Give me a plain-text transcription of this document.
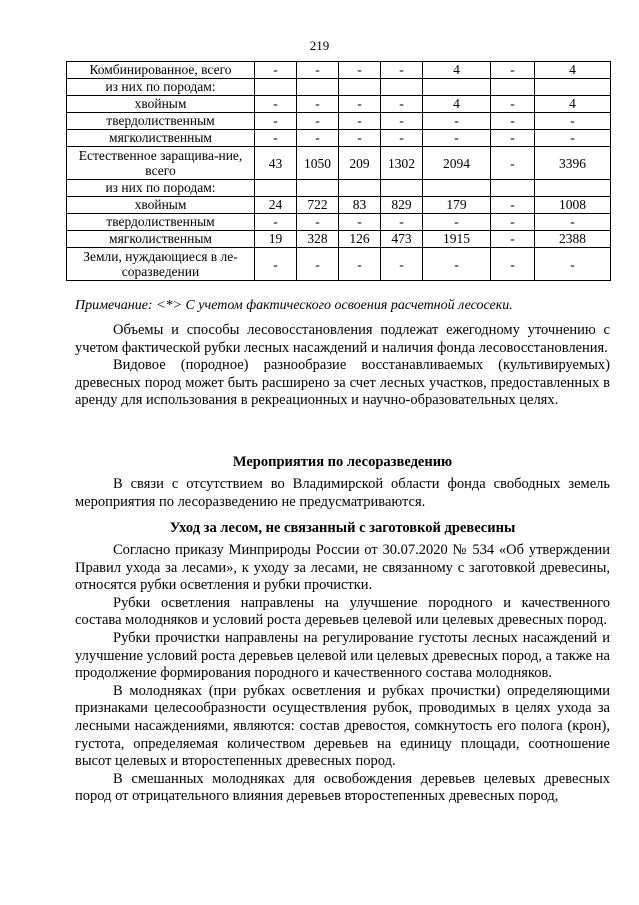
219
Комбинированное, всего	-	-	-	-	4	-	4
из них по породам:							
хвойным	-	-	-	-	4	-	4
твердолиственным	-	-	-	-	-	-	-
мягколиственным	-	-	-	-	-	-	-
Естественное заращива-ние, всего	43	1050	209	1302	2094	-	3396
из них по породам:							
хвойным	24	722	83	829	179	-	1008
твердолиственным	-	-	-	-	-	-	-
мягколиственным	19	328	126	473	1915	-	2388
Земли, нуждающиеся в ле-соразведении	-	-	-	-	-	-	-
Примечание: <*> С учетом фактического освоения расчетной лесосеки.

Объемы и способы лесовосстановления подлежат ежегодному уточнению с учетом фактической рубки лесных насаждений и наличия фонда лесовосстановления.

Видовое (породное) разнообразие восстанавливаемых (культивируемых) древесных пород может быть расширено за счет лесных участков, предоставленных в аренду для использования в рекреационных и научно-образовательных целях.

Мероприятия по лесоразведению

В связи с отсутствием во Владимирской области фонда свободных земель мероприятия по лесоразведению не предусматриваются.

Уход за лесом, не связанный с заготовкой древесины

Согласно приказу Минприроды России от 30.07.2020 № 534 «Об утверждении Правил ухода за лесами», к уходу за лесами, не связанному с заготовкой древесины, относятся рубки осветления и рубки прочистки.

Рубки осветления направлены на улучшение породного и качественного состава молодняков и условий роста деревьев целевой или целевых древесных пород.

Рубки прочистки направлены на регулирование густоты лесных насаждений и улучшение условий роста деревьев целевой или целевых древесных пород, а также на продолжение формирования породного и качественного состава молодняков.

В молодняках (при рубках осветления и рубках прочистки) определяющими признаками целесообразности осуществления рубок, проводимых в целях ухода за лесными насаждениями, являются: состав древостоя, сомкнутость его полога (крон), густота, определяемая количеством деревьев на единицу площади, соотношение высот целевых и второстепенных древесных пород.

В смешанных молодняках для освобождения деревьев целевых древесных пород от отрицательного влияния деревьев второстепенных древесных пород,
